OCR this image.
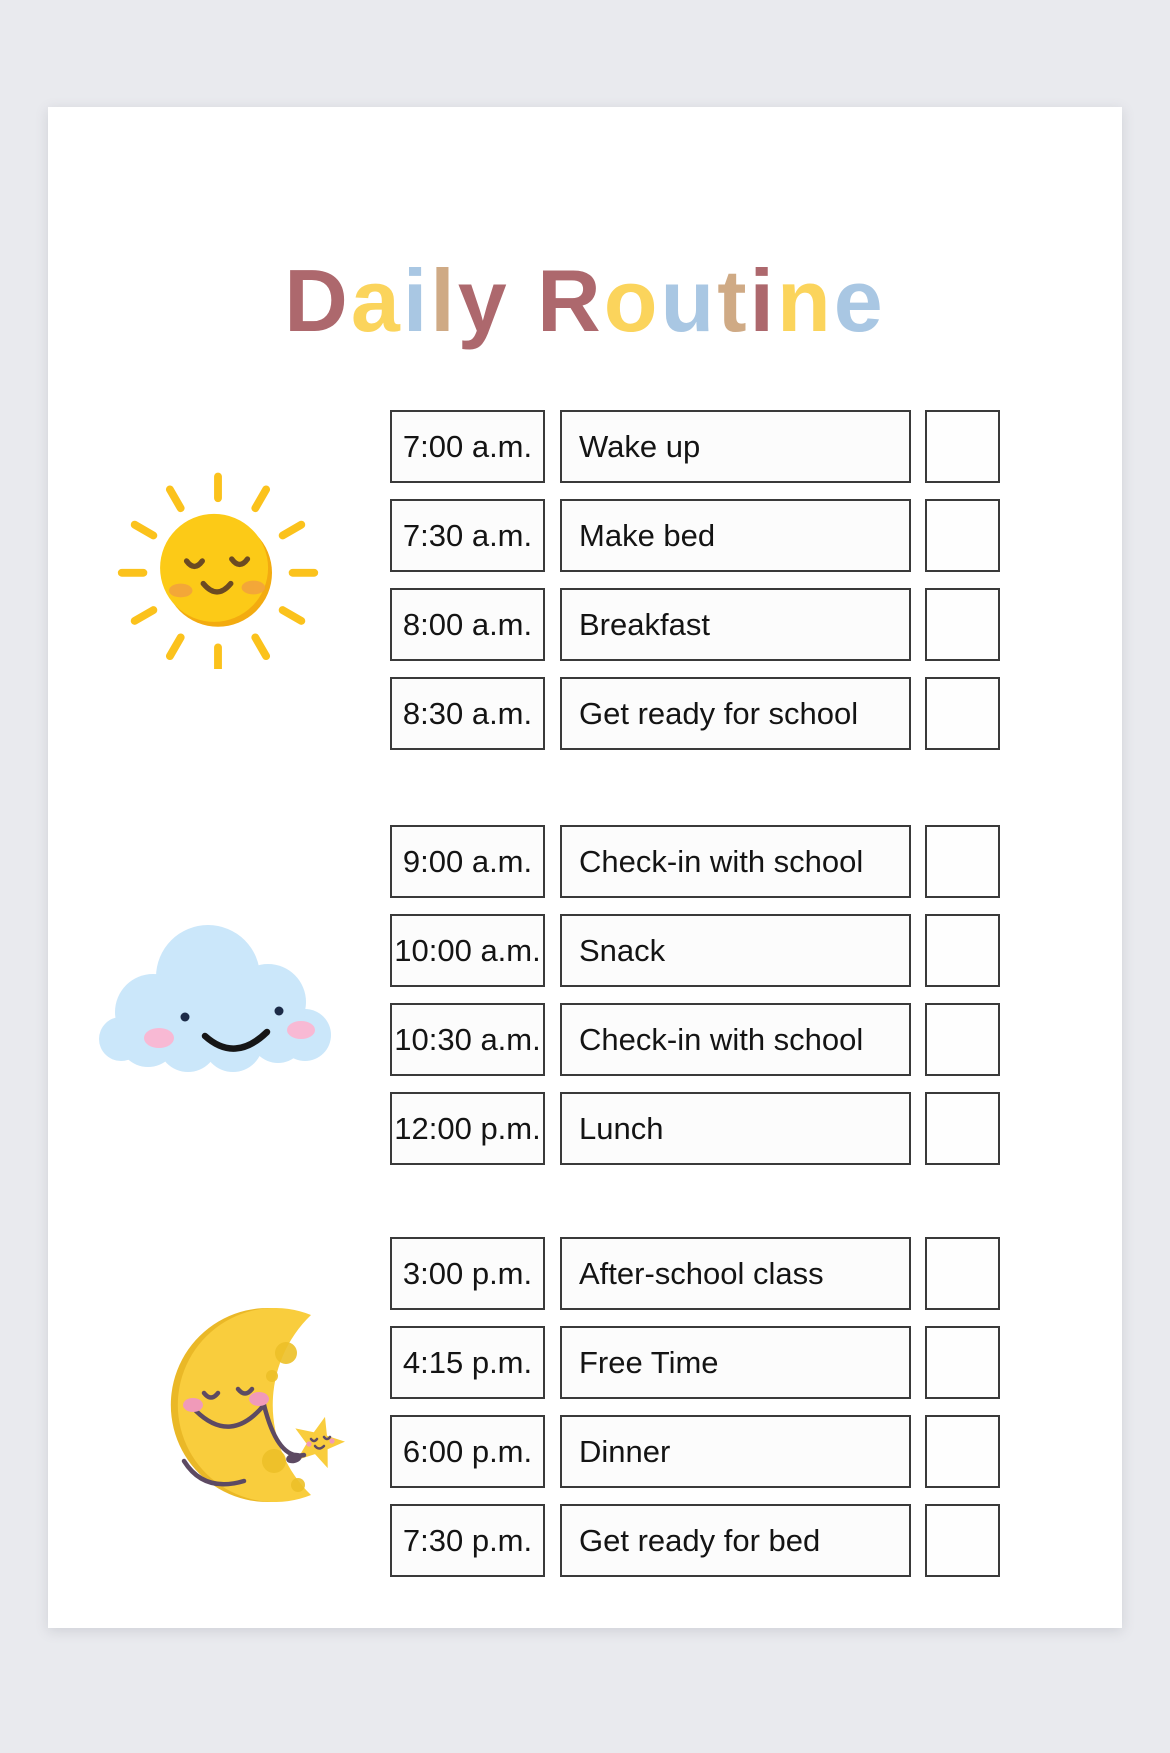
Daily Routine

7:00 a.m. Wake up
7:30 a.m. Make bed
8:00 a.m. Breakfast
8:30 a.m. Get ready for school
9:00 a.m. Check-in with school
10:00 a.m. Snack
10:30 a.m. Check-in with school
12:00 p.m. Lunch
3:00 p.m. After-school class
4:15 p.m. Free Time
6:00 p.m. Dinner
7:30 p.m. Get ready for bed
